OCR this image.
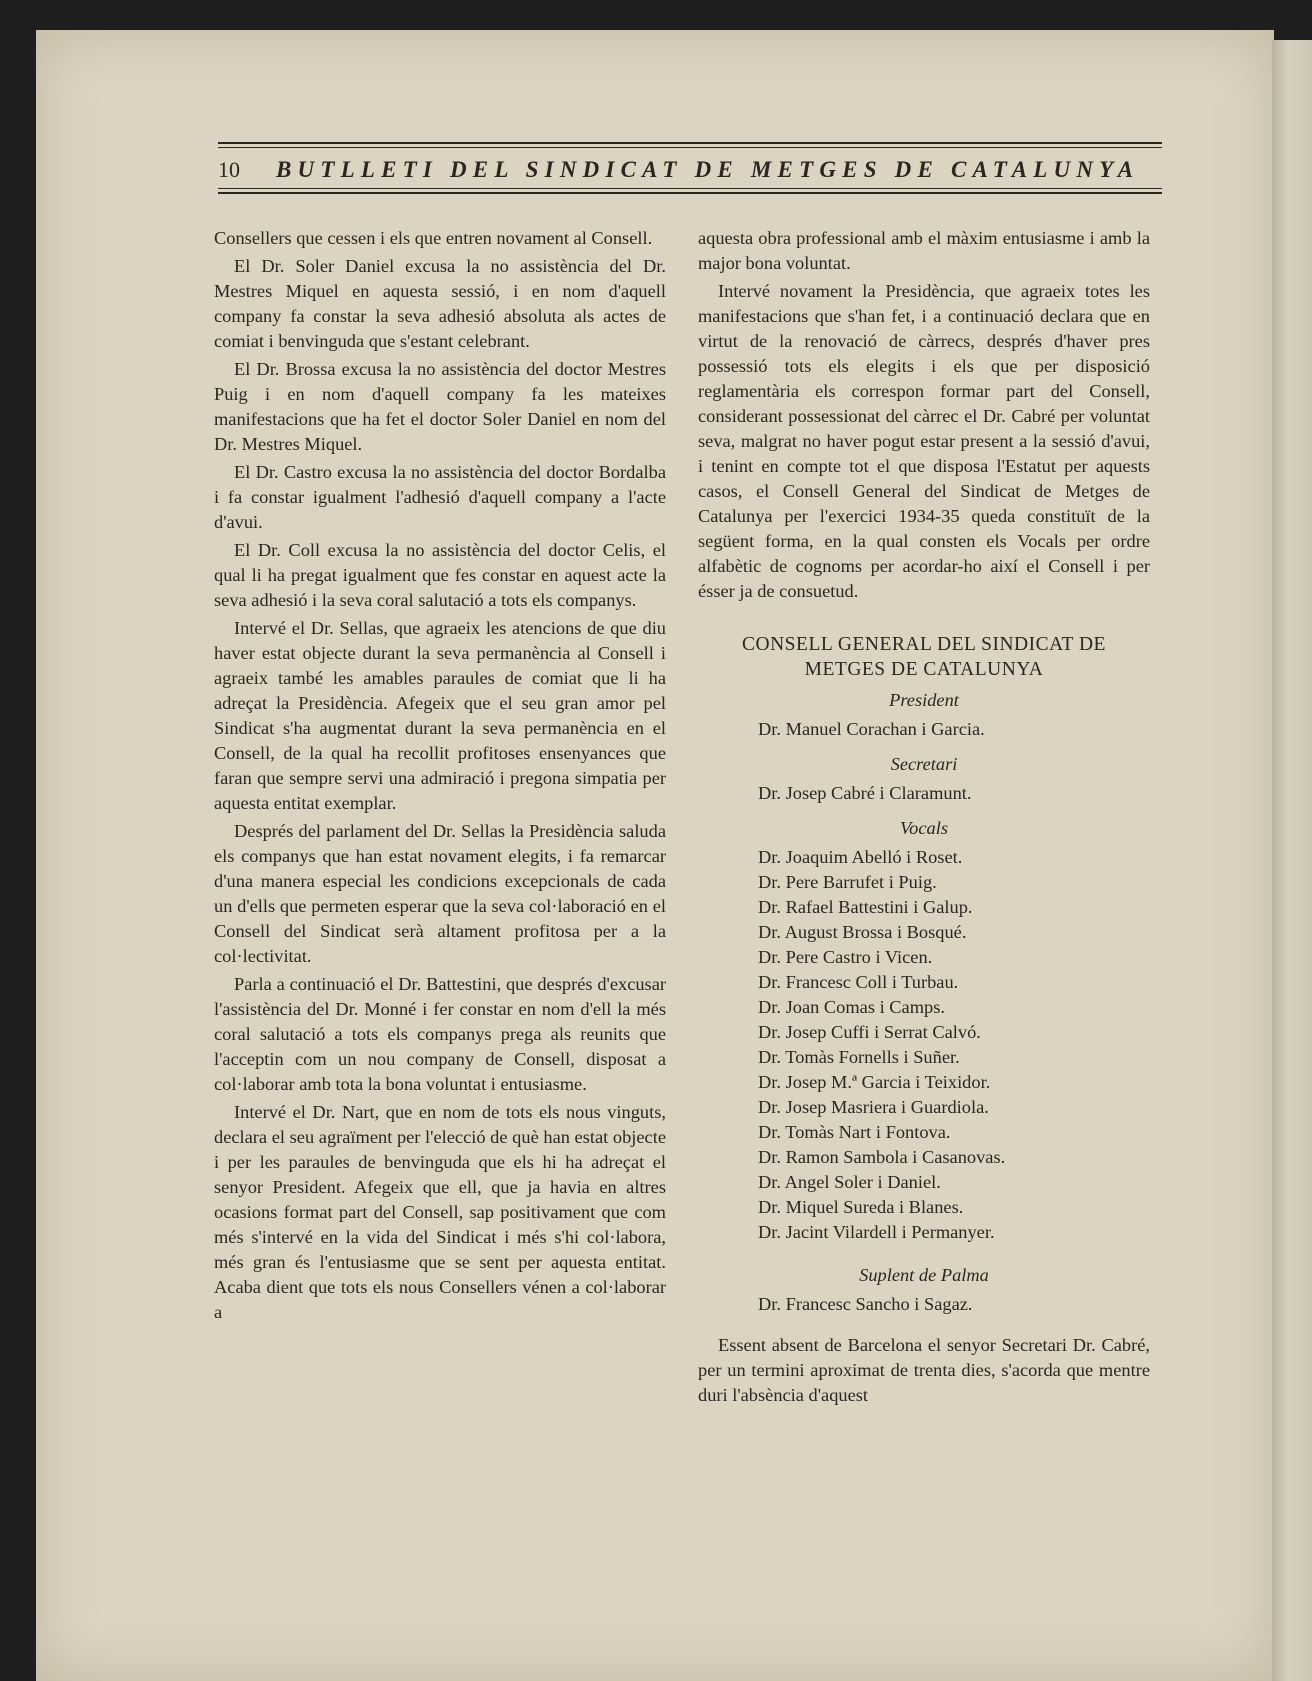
10	BUTLLETI DEL SINDICAT DE METGES DE CATALUNYA

Consellers que cessen i els que entren novament al Consell.

El Dr. Soler Daniel excusa la no assistència del Dr. Mestres Miquel en aquesta sessió, i en nom d'aquell company fa constar la seva adhesió absoluta als actes de comiat i benvinguda que s'estant celebrant.

El Dr. Brossa excusa la no assistència del doctor Mestres Puig i en nom d'aquell company fa les mateixes manifestacions que ha fet el doctor Soler Daniel en nom del Dr. Mestres Miquel.

El Dr. Castro excusa la no assistència del doctor Bordalba i fa constar igualment l'adhesió d'aquell company a l'acte d'avui.

El Dr. Coll excusa la no assistència del doctor Celis, el qual li ha pregat igualment que fes constar en aquest acte la seva adhesió i la seva coral salutació a tots els companys.

Intervé el Dr. Sellas, que agraeix les atencions de que diu haver estat objecte durant la seva permanència al Consell i agraeix també les amables paraules de comiat que li ha adreçat la Presidència. Afegeix que el seu gran amor pel Sindicat s'ha augmentat durant la seva permanència en el Consell, de la qual ha recollit profitoses ensenyances que faran que sempre servi una admiració i pregona simpatia per aquesta entitat exemplar.

Després del parlament del Dr. Sellas la Presidència saluda els companys que han estat novament elegits, i fa remarcar d'una manera especial les condicions excepcionals de cada un d'ells que permeten esperar que la seva col·laboració en el Consell del Sindicat serà altament profitosa per a la col·lectivitat.

Parla a continuació el Dr. Battestini, que després d'excusar l'assistència del Dr. Monné i fer constar en nom d'ell la més coral salutació a tots els companys prega als reunits que l'acceptin com un nou company de Consell, disposat a col·laborar amb tota la bona voluntat i entusiasme.

Intervé el Dr. Nart, que en nom de tots els nous vinguts, declara el seu agraïment per l'elecció de què han estat objecte i per les paraules de benvinguda que els hi ha adreçat el senyor President. Afegeix que ell, que ja havia en altres ocasions format part del Consell, sap positivament que com més s'intervé en la vida del Sindicat i més s'hi col·labora, més gran és l'entusiasme que se sent per aquesta entitat. Acaba dient que tots els nous Consellers vénen a col·laborar a

aquesta obra professional amb el màxim entusiasme i amb la major bona voluntat.

Intervé novament la Presidència, que agraeix totes les manifestacions que s'han fet, i a continuació declara que en virtut de la renovació de càrrecs, després d'haver pres possessió tots els elegits i els que per disposició reglamentària els correspon formar part del Consell, considerant possessionat del càrrec el Dr. Cabré per voluntat seva, malgrat no haver pogut estar present a la sessió d'avui, i tenint en compte tot el que disposa l'Estatut per aquests casos, el Consell General del Sindicat de Metges de Catalunya per l'exercici 1934-35 queda constituït de la següent forma, en la qual consten els Vocals per ordre alfabètic de cognoms per acordar-ho així el Consell i per ésser ja de consuetud.

CONSELL GENERAL DEL SINDICAT DE
METGES DE CATALUNYA
President
Dr. Manuel Corachan i Garcia.
Secretari
Dr. Josep Cabré i Claramunt.
Vocals
Dr. Joaquim Abelló i Roset.
Dr. Pere Barrufet i Puig.
Dr. Rafael Battestini i Galup.
Dr. August Brossa i Bosqué.
Dr. Pere Castro i Vicen.
Dr. Francesc Coll i Turbau.
Dr. Joan Comas i Camps.
Dr. Josep Cuffi i Serrat Calvó.
Dr. Tomàs Fornells i Suñer.
Dr. Josep M.ª Garcia i Teixidor.
Dr. Josep Masriera i Guardiola.
Dr. Tomàs Nart i Fontova.
Dr. Ramon Sambola i Casanovas.
Dr. Angel Soler i Daniel.
Dr. Miquel Sureda i Blanes.
Dr. Jacint Vilardell i Permanyer.
Suplent de Palma
Dr. Francesc Sancho i Sagaz.

Essent absent de Barcelona el senyor Secretari Dr. Cabré, per un termini aproximat de trenta dies, s'acorda que mentre duri l'absència d'aquest
